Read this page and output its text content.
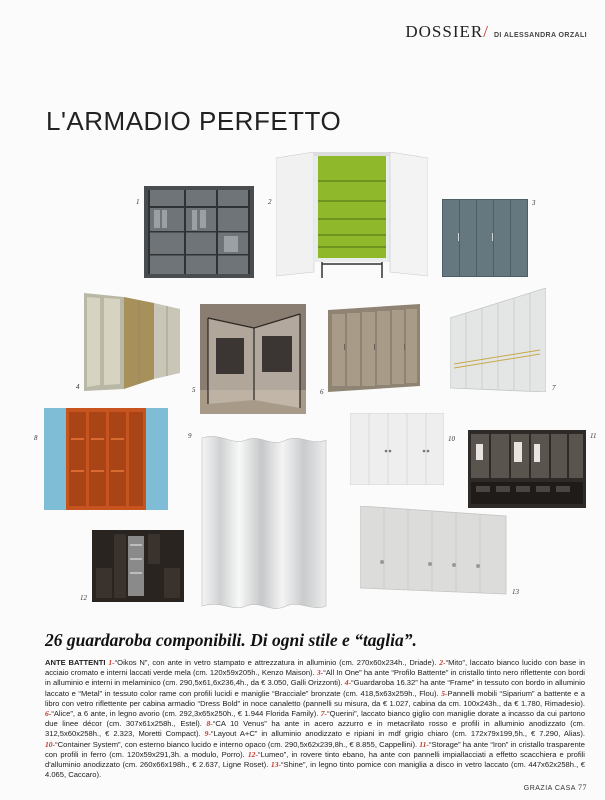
DOSSIER/ DI ALESSANDRA ORZALI
L'ARMADIO PERFETTO
1	2	3
4	5	6	7
8	9	10	11
12
13
26 guardaroba componibili. Di ogni stile e “taglia”.
ANTE BATTENTI 1-“Oikos N”, con ante in vetro stampato e attrezzatura in alluminio (cm. 270x60x234h., Driade). 2-“Mito”, laccato bianco lucido con base in acciaio cromato e interni laccati verde mela (cm. 120x59x205h., Kenzo Maison). 3-“All In One” ha ante “Profilo Battente” in cristallo tinto nero riflettente con bordi in alluminio e interni in melaminico (cm. 290,5x61,6x236,4h., da € 3.050, Galli Orizzonti). 4-“Guardaroba 16.32” ha ante “Frame” in tessuto con bordo in alluminio laccato e “Metal” in tessuto color rame con profili lucidi e maniglie “Bracciale” bronzate (cm. 418,5x63x259h., Flou). 5-Pannelli mobili “Siparium” a battente e a libro con vetro riflettente per cabina armadio “Dress Bold” in noce canaletto (pannelli su misura, da € 1.027, cabina da cm. 100x243h., da € 1.780, Rimadesio). 6-“Alice”, a 6 ante, in legno avorio (cm. 292,3x65x250h., € 1.944 Florida Family). 7-“Querini”, laccato bianco giglio con maniglie dorate a incasso da cui partono due linee décor (cm. 307x61x258h., Estel). 8-“CA 10 Venus” ha ante in acero azzurro e in metacrilato rosso e profili in alluminio anodizzato (cm. 312,5x60x258h., € 2.323, Moretti Compact). 9-“Layout A+C” in alluminio anodizzato e ripiani in mdf grigio chiaro (cm. 172x79x199,5h., € 7.290, Alias). 10-“Container System”, con esterno bianco lucido e interno opaco (cm. 290,5x62x239,8h., € 8.855, Cappellini). 11-“Storage” ha ante “Iron” in cristallo trasparente con profili in ferro (cm. 120x59x291,3h. a modulo, Porro). 12-“Lumeo”, in rovere tinto ebano, ha ante con pannelli impiallacciati a effetto scacchiera e profili d'alluminio anodizzato (cm. 260x66x198h., € 2.637, Ligne Roset). 13-“Shine”, in legno tinto pomice con maniglia a disco in vetro laccato (cm. 447x62x258h., € 4.065, Caccaro).
GRAZIA CASA 77
